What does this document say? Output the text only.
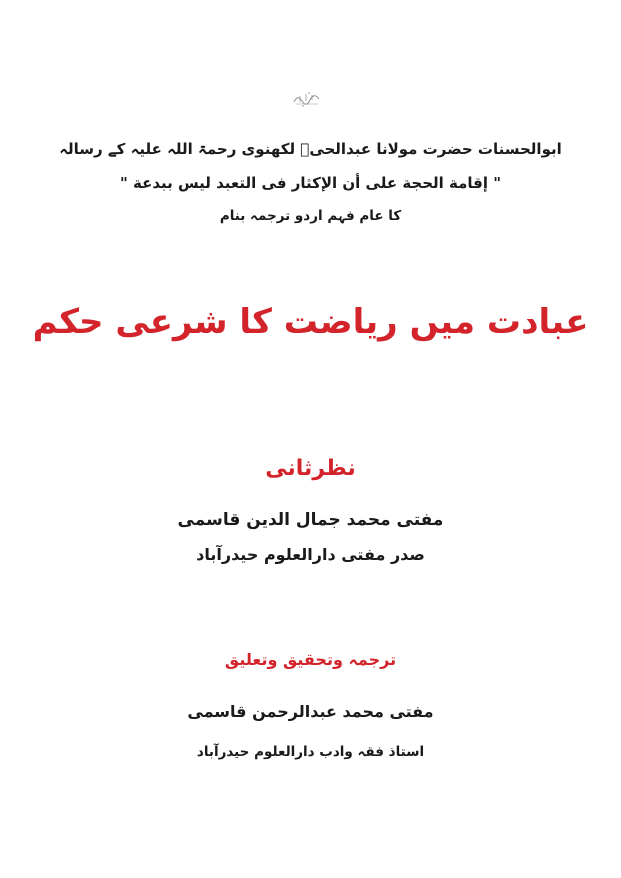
ابوالحسنات حضرت مولانا عبدالحیؒ لکھنوی رحمۃ اللہ علیہ کے رسالہ
" إقامة الحجة على أن الإكثار فى التعبد ليس ببدعة "
کا عام فہم اردو ترجمہ بنام
عبادت میں ریاضت کا شرعی حکم
نظرثانی
مفتی محمد جمال الدین قاسمی
صدر مفتی دارالعلوم حیدرآباد
ترجمہ وتحقیق وتعلیق
مفتی محمد عبدالرحمن قاسمی
استاذ فقہ وادب دارالعلوم حیدرآباد
